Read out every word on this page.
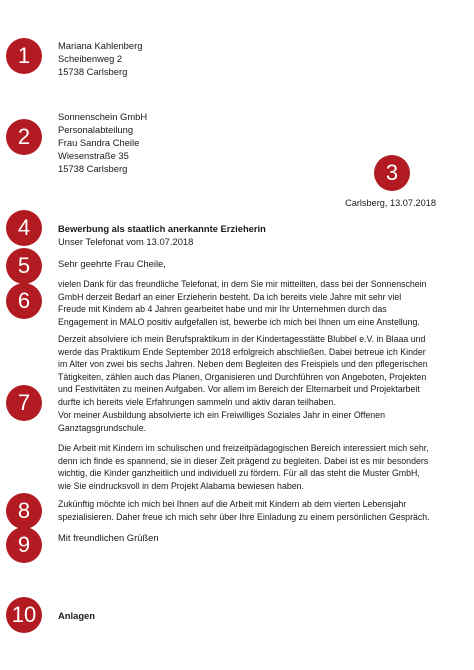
1
2
3
4
5
6
7
8
9
10
Mariana Kahlenberg
Scheibenweg 2
15738 Carlsberg
Sonnenschein GmbH
Personalabteilung
Frau Sandra Cheile
Wiesenstraße 35
15738 Carlsberg
Carlsberg, 13.07.2018
Bewerbung als staatlich anerkannte Erzieherin
Unser Telefonat vom 13.07.2018
Sehr geehrte Frau Cheile,
vielen Dank für das freundliche Telefonat, in dem Sie mir mitteilten, dass bei der Sonnenschein GmbH derzeit Bedarf an einer Erzieherin besteht. Da ich bereits viele Jahre mit sehr viel Freude mit Kindern ab 4 Jahren gearbeitet habe und mir Ihr Unternehmen durch das Engagement in MALO positiv aufgefallen ist, bewerbe ich mich bei Ihnen um eine Anstellung.
Derzeit absolviere ich mein Berufspraktikum in der Kindertagesstätte Blubbel e.V. in Blaaa und werde das Praktikum Ende September 2018 erfolgreich abschließen. Dabei betreue ich Kinder im Alter von zwei bis sechs Jahren. Neben dem Begleiten des Freispiels und den pflegerischen Tätigkeiten, zählen auch das Planen, Organisieren und Durchführen von Angeboten, Projekten und Festivitäten zu meinen Aufgaben. Vor allem im Bereich der Elternarbeit und Projektarbeit durfte ich bereits viele Erfahrungen sammeln und aktiv daran teilhaben.
Vor meiner Ausbildung absolvierte ich ein Freiwilliges Soziales Jahr in einer Offenen Ganztagsgrundschule.
Die Arbeit mit Kindern im schulischen und freizeitpädagogischen Bereich interessiert mich sehr, denn ich finde es spannend, sie in dieser Zeit prägend zu begleiten. Dabei ist es mir besonders wichtig, die Kinder ganzheitlich und individuell zu fördern. Für all das steht die Muster GmbH, wie Sie eindrucksvoll in dem Projekt Alabama bewiesen haben.
Zukünftig möchte ich mich bei Ihnen auf die Arbeit mit Kindern ab dem vierten Lebensjahr spezialisieren. Daher freue ich mich sehr über Ihre Einladung zu einem persönlichen Gespräch.
Mit freundlichen Grüßen
Anlagen
